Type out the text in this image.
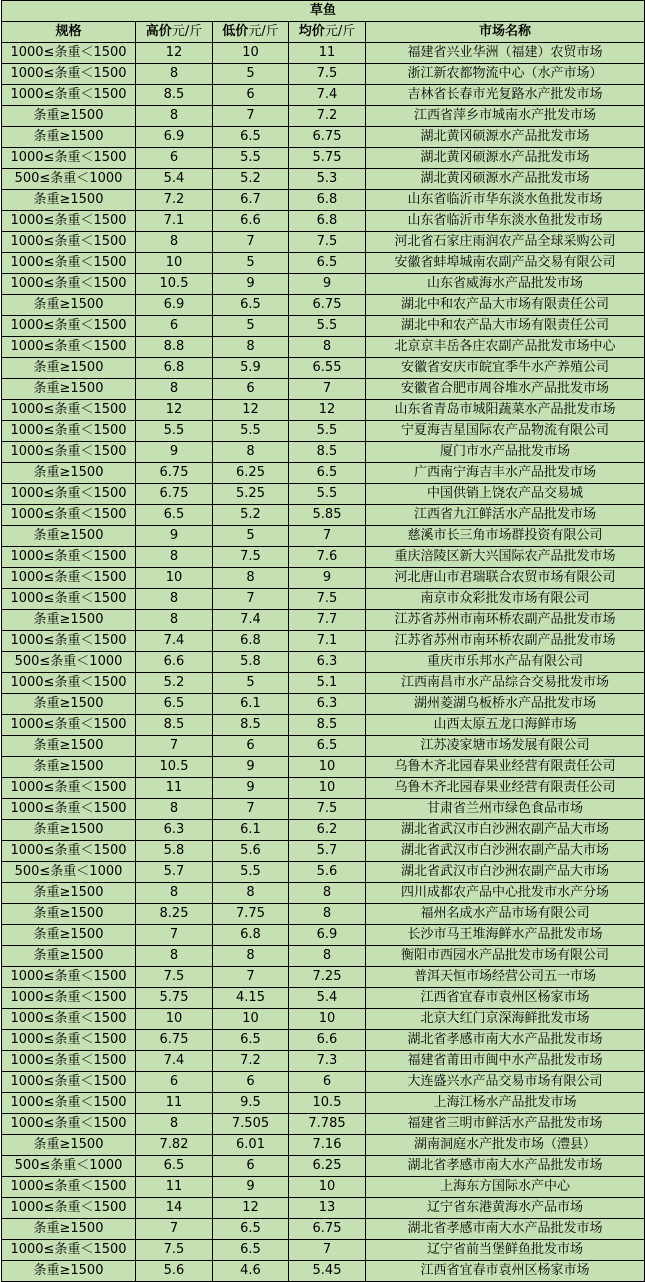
草鱼				
规格	高价元/斤	低价元/斤	均价元/斤	市场名称
1000≤条重＜1500	12	10	11	福建省兴业华洲（福建）农贸市场
1000≤条重＜1500	8	5	7.5	浙江新农都物流中心（水产市场）
1000≤条重＜1500	8.5	6	7.4	吉林省长春市光复路水产批发市场
条重≥1500	8	7	7.2	江西省萍乡市城南水产批发市场
条重≥1500	6.9	6.5	6.75	湖北黄冈硕源水产品批发市场
1000≤条重＜1500	6	5.5	5.75	湖北黄冈硕源水产品批发市场
500≤条重＜1000	5.4	5.2	5.3	湖北黄冈硕源水产品批发市场
条重≥1500	7.2	6.7	6.8	山东省临沂市华东淡水鱼批发市场
1000≤条重＜1500	7.1	6.6	6.8	山东省临沂市华东淡水鱼批发市场
1000≤条重＜1500	8	7	7.5	河北省石家庄雨润农产品全球采购公司
1000≤条重＜1500	10	5	6.5	安徽省蚌埠城南农副产品交易有限公司
1000≤条重＜1500	10.5	9	9	山东省威海水产品批发市场
条重≥1500	6.9	6.5	6.75	湖北中和农产品大市场有限责任公司
1000≤条重＜1500	6	5	5.5	湖北中和农产品大市场有限责任公司
1000≤条重＜1500	8.8	8	8	北京京丰岳各庄农副产品批发市场中心
条重≥1500	6.8	5.9	6.55	安徽省安庆市皖宜季牛水产养殖公司
条重≥1500	8	6	7	安徽省合肥市周谷堆水产品批发市场
1000≤条重＜1500	12	12	12	山东省青岛市城阳蔬菜水产品批发市场
1000≤条重＜1500	5.5	5.5	5.5	宁夏海吉星国际农产品物流有限公司
1000≤条重＜1500	9	8	8.5	厦门市水产品批发市场
条重≥1500	6.75	6.25	6.5	广西南宁海吉丰水产品批发市场
1000≤条重＜1500	6.75	5.25	5.5	中国供销上饶农产品交易城
1000≤条重＜1500	6.5	5.2	5.85	江西省九江鲜活水产品批发市场
条重≥1500	9	5	7	慈溪市长三角市场群投资有限公司
1000≤条重＜1500	8	7.5	7.6	重庆涪陵区新大兴国际农产品批发市场
1000≤条重＜1500	10	8	9	河北唐山市君瑞联合农贸市场有限公司
1000≤条重＜1500	8	7	7.5	南京市众彩批发市场有限公司
条重≥1500	8	7.4	7.7	江苏省苏州市南环桥农副产品批发市场
1000≤条重＜1500	7.4	6.8	7.1	江苏省苏州市南环桥农副产品批发市场
500≤条重＜1000	6.6	5.8	6.3	重庆市乐邦水产品有限公司
1000≤条重＜1500	5.2	5	5.1	江西南昌市水产品综合交易批发市场
条重≥1500	6.5	6.1	6.3	湖州菱湖乌板桥水产品批发市场
1000≤条重＜1500	8.5	8.5	8.5	山西太原五龙口海鲜市场
条重≥1500	7	6	6.5	江苏凌家塘市场发展有限公司
条重≥1500	10.5	9	10	乌鲁木齐北园春果业经营有限责任公司
1000≤条重＜1500	11	9	10	乌鲁木齐北园春果业经营有限责任公司
1000≤条重＜1500	8	7	7.5	甘肃省兰州市绿色食品市场
条重≥1500	6.3	6.1	6.2	湖北省武汉市白沙洲农副产品大市场
1000≤条重＜1500	5.8	5.6	5.7	湖北省武汉市白沙洲农副产品大市场
500≤条重＜1000	5.7	5.5	5.6	湖北省武汉市白沙洲农副产品大市场
条重≥1500	8	8	8	四川成都农产品中心批发市水产分场
条重≥1500	8.25	7.75	8	福州名成水产品市场有限公司
条重≥1500	7	6.8	6.9	长沙市马王堆海鲜水产品批发市场
条重≥1500	8	8	8	衡阳市西园水产品批发市场有限公司
1000≤条重＜1500	7.5	7	7.25	普洱天恒市场经营公司五一市场
1000≤条重＜1500	5.75	4.15	5.4	江西省宜春市袁州区杨家市场
1000≤条重＜1500	10	10	10	北京大红门京深海鲜批发市场
1000≤条重＜1500	6.75	6.5	6.6	湖北省孝感市南大水产品批发市场
1000≤条重＜1500	7.4	7.2	7.3	福建省莆田市闽中水产品批发市场
1000≤条重＜1500	6	6	6	大连盛兴水产品交易市场有限公司
1000≤条重＜1500	11	9.5	10.5	上海江杨水产品批发市场
1000≤条重＜1500	8	7.505	7.785	福建省三明市鲜活水产品批发市场
条重≥1500	7.82	6.01	7.16	湖南洞庭水产批发市场（澧县）
500≤条重＜1000	6.5	6	6.25	湖北省孝感市南大水产品批发市场
1000≤条重＜1500	11	9	10	上海东方国际水产中心
1000≤条重＜1500	14	12	13	辽宁省东港黄海水产品市场
条重≥1500	7	6.5	6.75	湖北省孝感市南大水产品批发市场
1000≤条重＜1500	7.5	6.5	7	辽宁省前当堡鲜鱼批发市场
条重≥1500	5.6	4.6	5.45	江西省宜春市袁州区杨家市场
